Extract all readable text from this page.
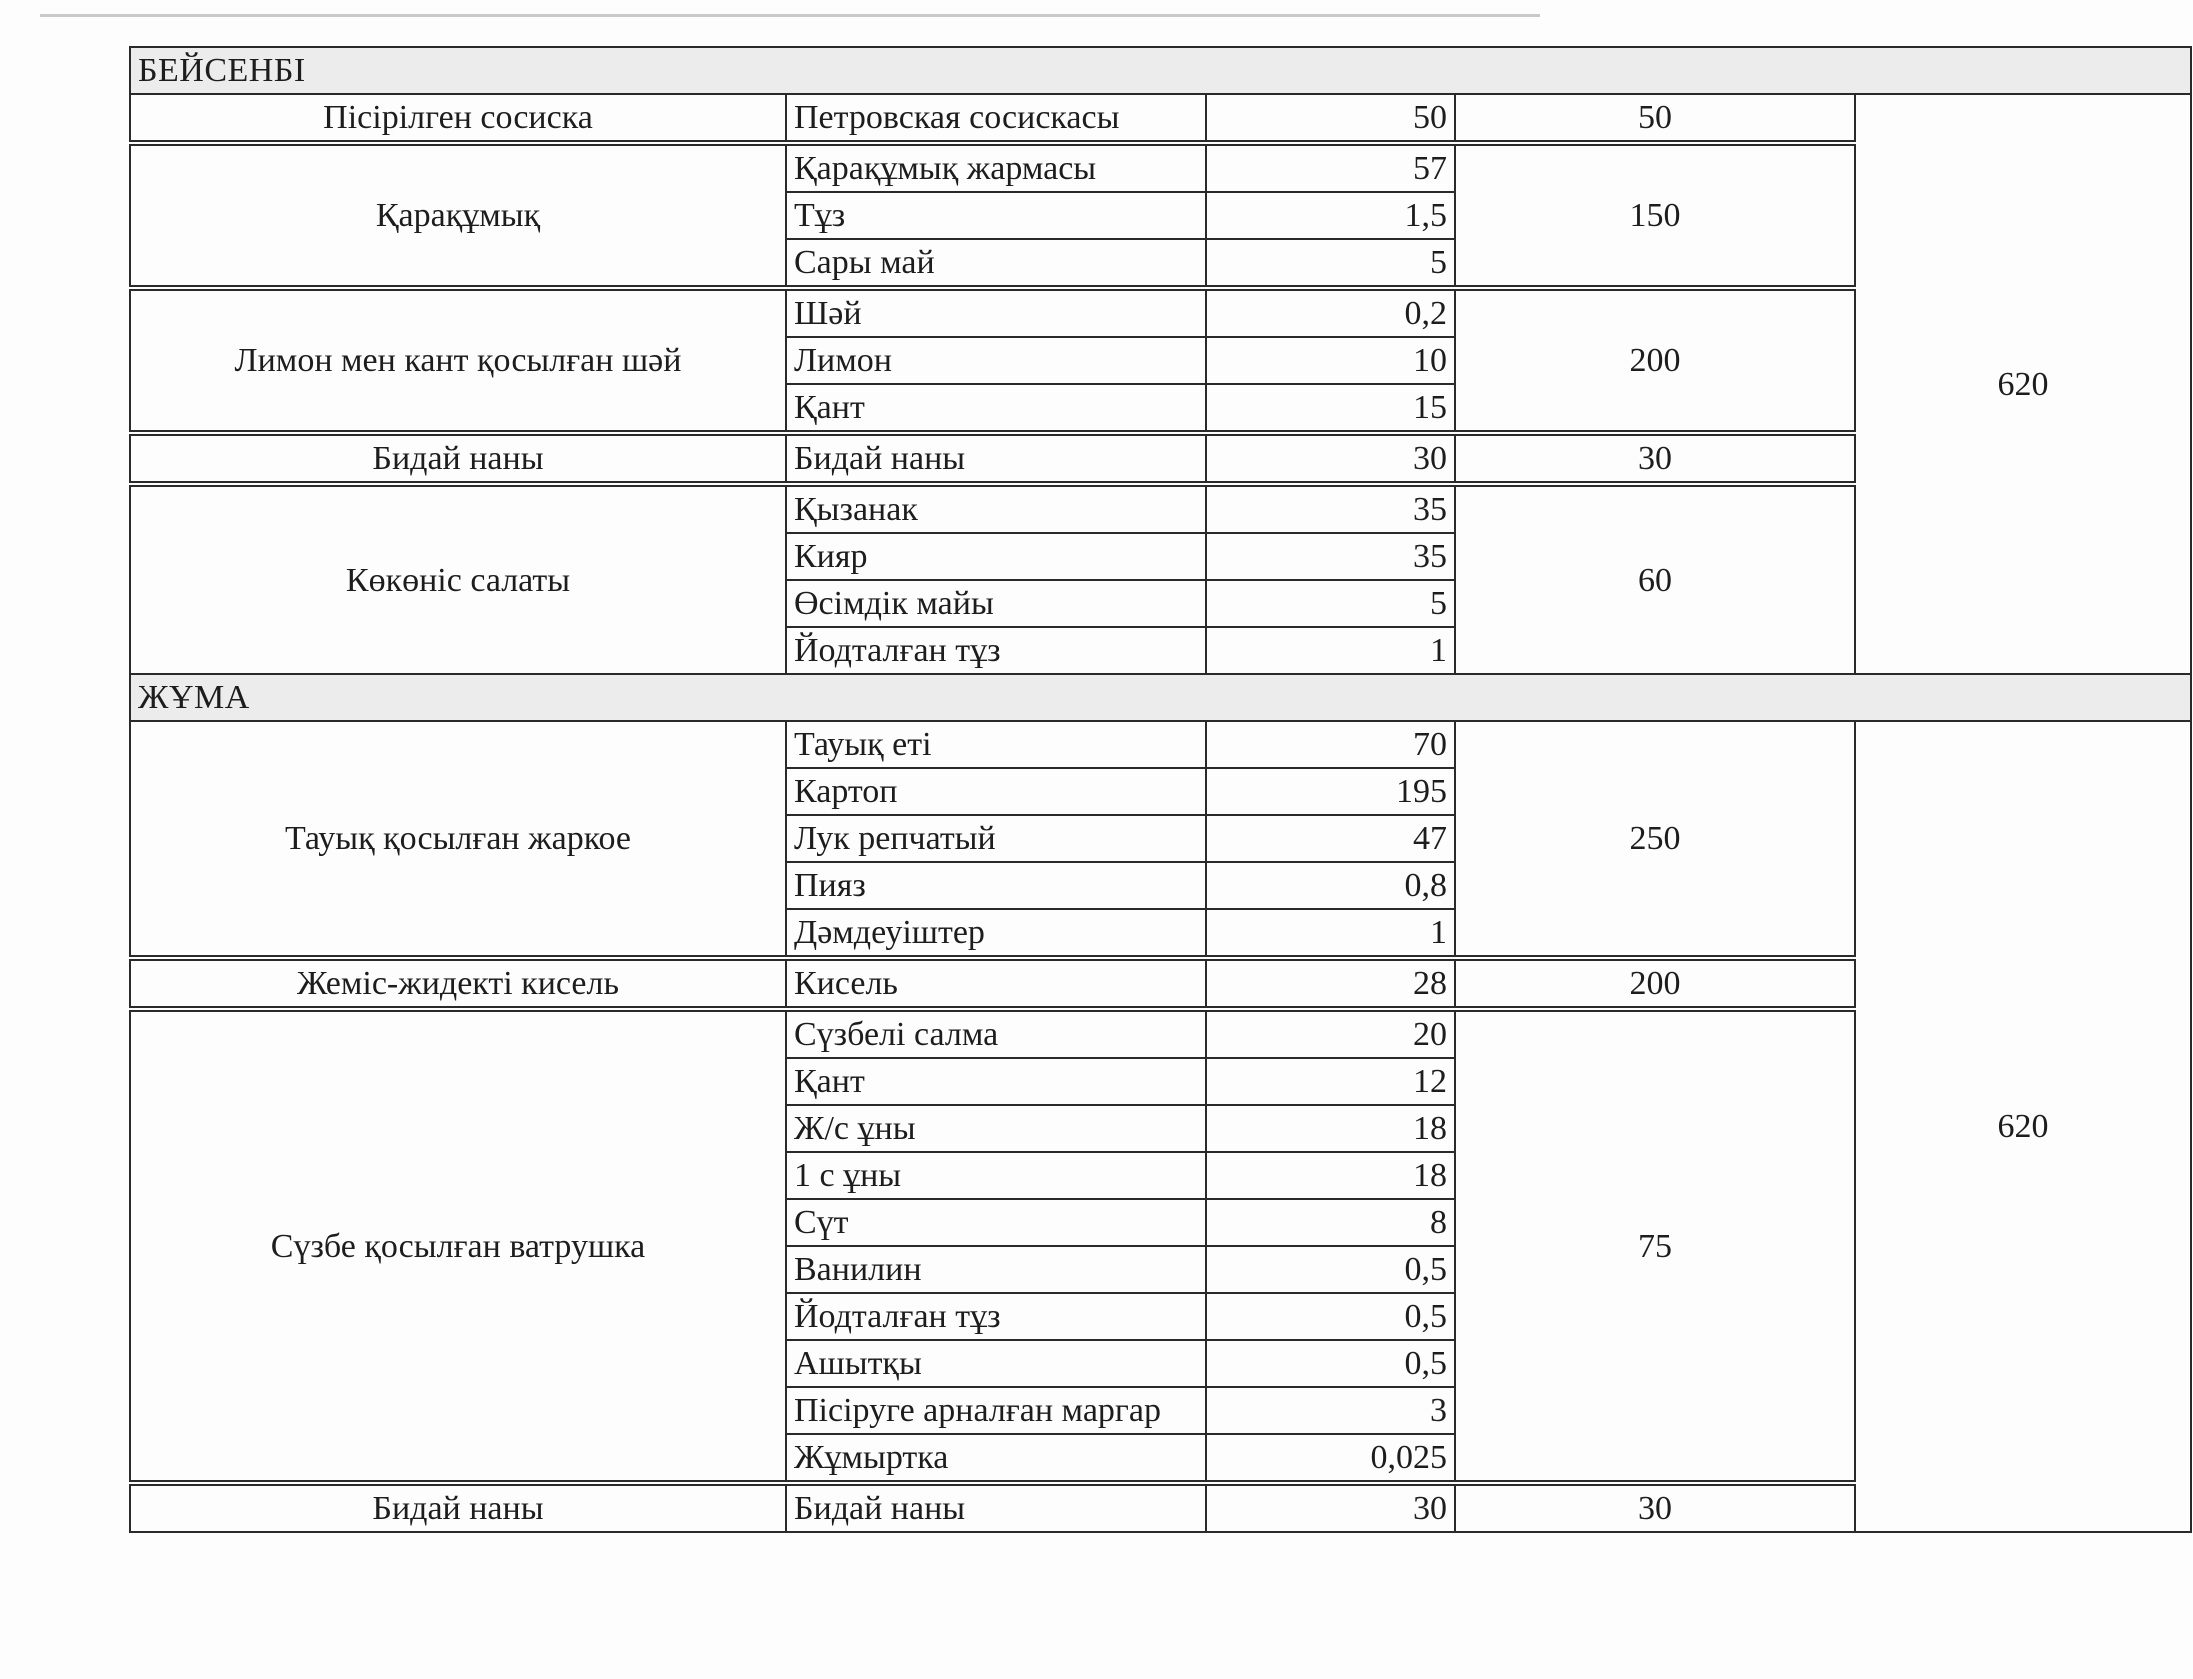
БЕЙСЕНБІ				
Пісірілген сосиска	Петровская сосискасы	50	50	620
Қарақұмық	Қарақұмық жармасы	57	150	
	Тұз	1,5		
	Сары май	5		
Лимон мен кант қосылған шәй	Шәй	0,2	200	
	Лимон	10		
	Қант	15		
Бидай наны	Бидай наны	30	30	
Көкөніс салаты	Қызанак	35	60	
	Кияр	35		
	Өсімдік майы	5		
	Йодталған тұз	1		
ЖҰМА				
Тауық қосылған жаркое	Тауық еті	70	250	620
	Картоп	195		
	Лук репчатый	47		
	Пияз	0,8		
	Дәмдеуіштер	1		
Жеміс-жидекті кисель	Кисель	28	200	
Сүзбе қосылған ватрушка	Сүзбелі салма	20	75	
	Қант	12		
	Ж/с ұны	18		
	1 с ұны	18		
	Сүт	8		
	Ванилин	0,5		
	Йодталған тұз	0,5		
	Ашытқы	0,5		
	Пісіруге арналған маргар	3		
	Жұмыртка	0,025		
Бидай наны	Бидай наны	30	30	
